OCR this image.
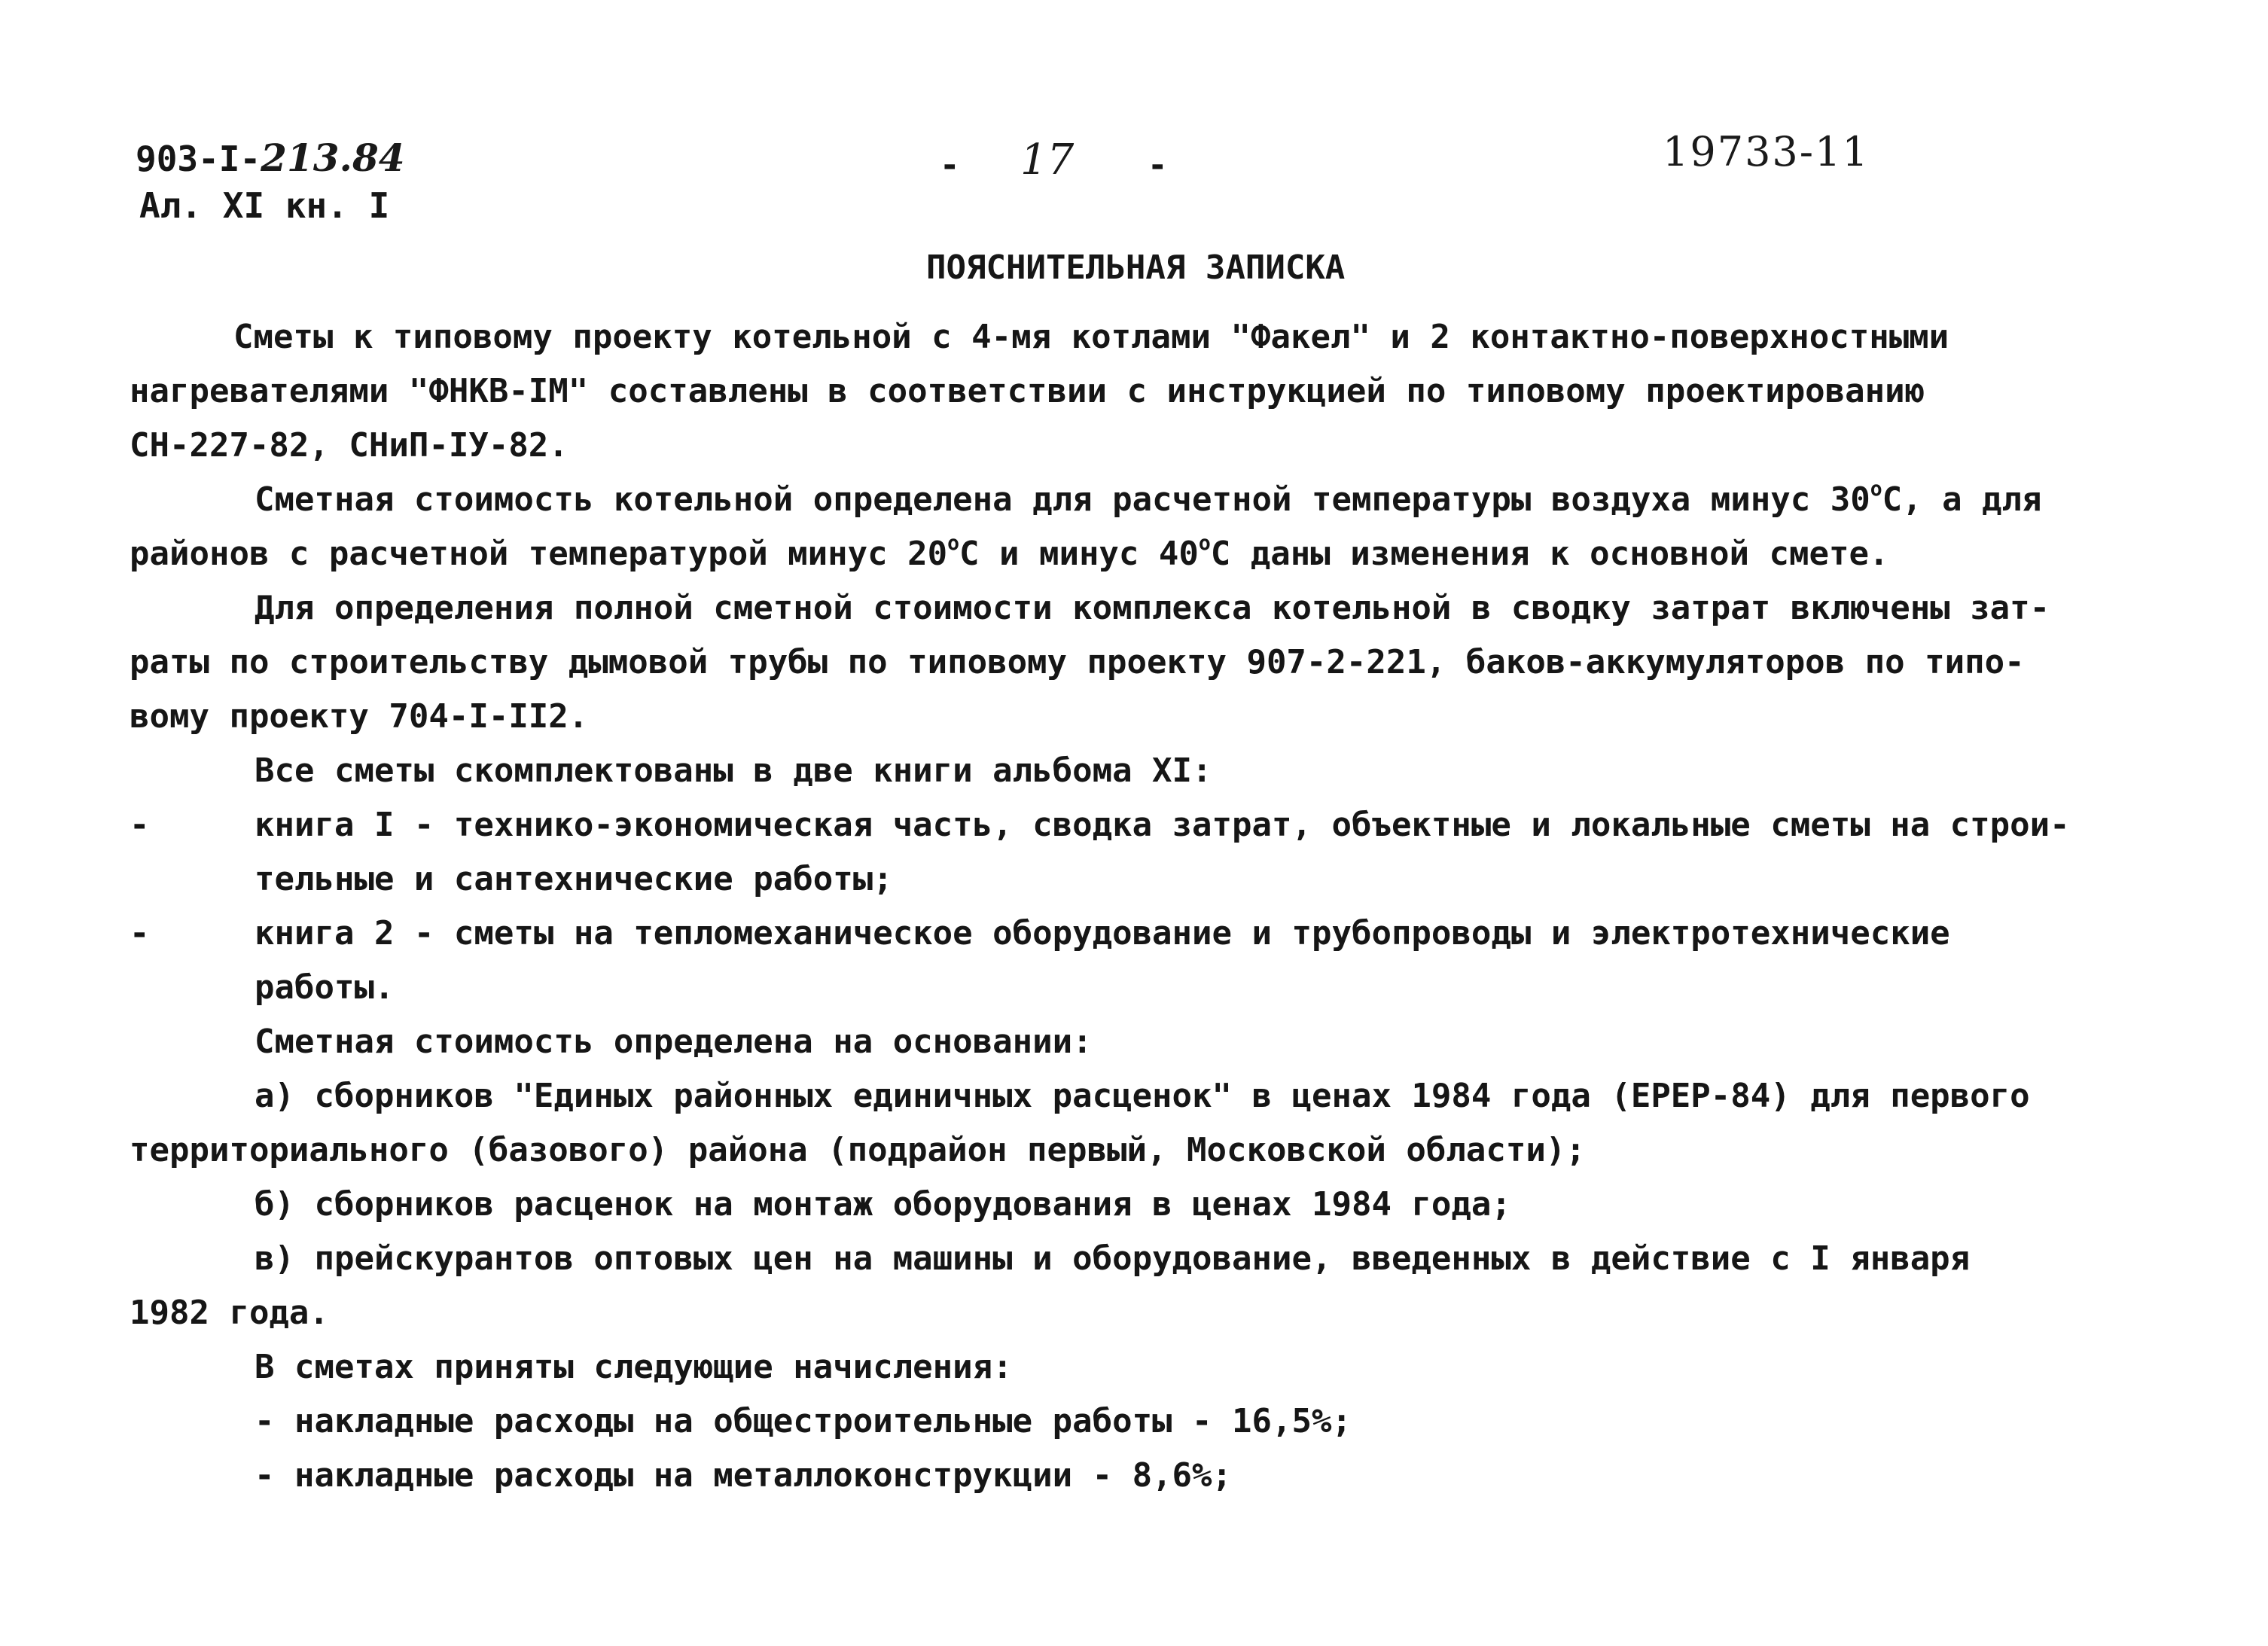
903-I-213.84
Ал. XI кн. I
- 17 -	19733-11
ПОЯСНИТЕЛЬНАЯ ЗАПИСКА
Сметы к типовому проекту котельной с 4-мя котлами "Факел" и 2 контактно-поверхностными
нагревателями "ФНКВ-IМ" составлены в соответствии с инструкцией по типовому проектированию
СН-227-82, СНиП-IУ-82.
Сметная стоимость котельной определена для расчетной температуры воздуха минус $30^оС$, а для
районов с расчетной температурой минус $20^оС$ и минус $40^оС$ даны изменения к основной смете.
Для определения полной сметной стоимости комплекса котельной в сводку затрат включены зат-
раты по строительству дымовой трубы по типовому проекту 907-2-221, баков-аккумуляторов по типо-
вому проекту 704-I-II2.
Все сметы скомплектованы в две книги альбома XI:
-	книга I - технико-экономическая часть, сводка затрат, объектные и локальные сметы на строи-
тельные и сантехнические работы;
-	книга 2 - сметы на тепломеханическое оборудование и трубопроводы и электротехнические
работы.
Сметная стоимость определена на основании:
а) сборников "Единых районных единичных расценок" в ценах 1984 года (ЕРЕР-84) для первого
территориального (базового) района (подрайон первый, Московской области);
б) сборников расценок на монтаж оборудования в ценах 1984 года;
в) прейскурантов оптовых цен на машины и оборудование, введенных в действие с I января
1982 года.
В сметах приняты следующие начисления:
- накладные расходы на общестроительные работы - 16,5%;
- накладные расходы на металлоконструкции - 8,6%;
